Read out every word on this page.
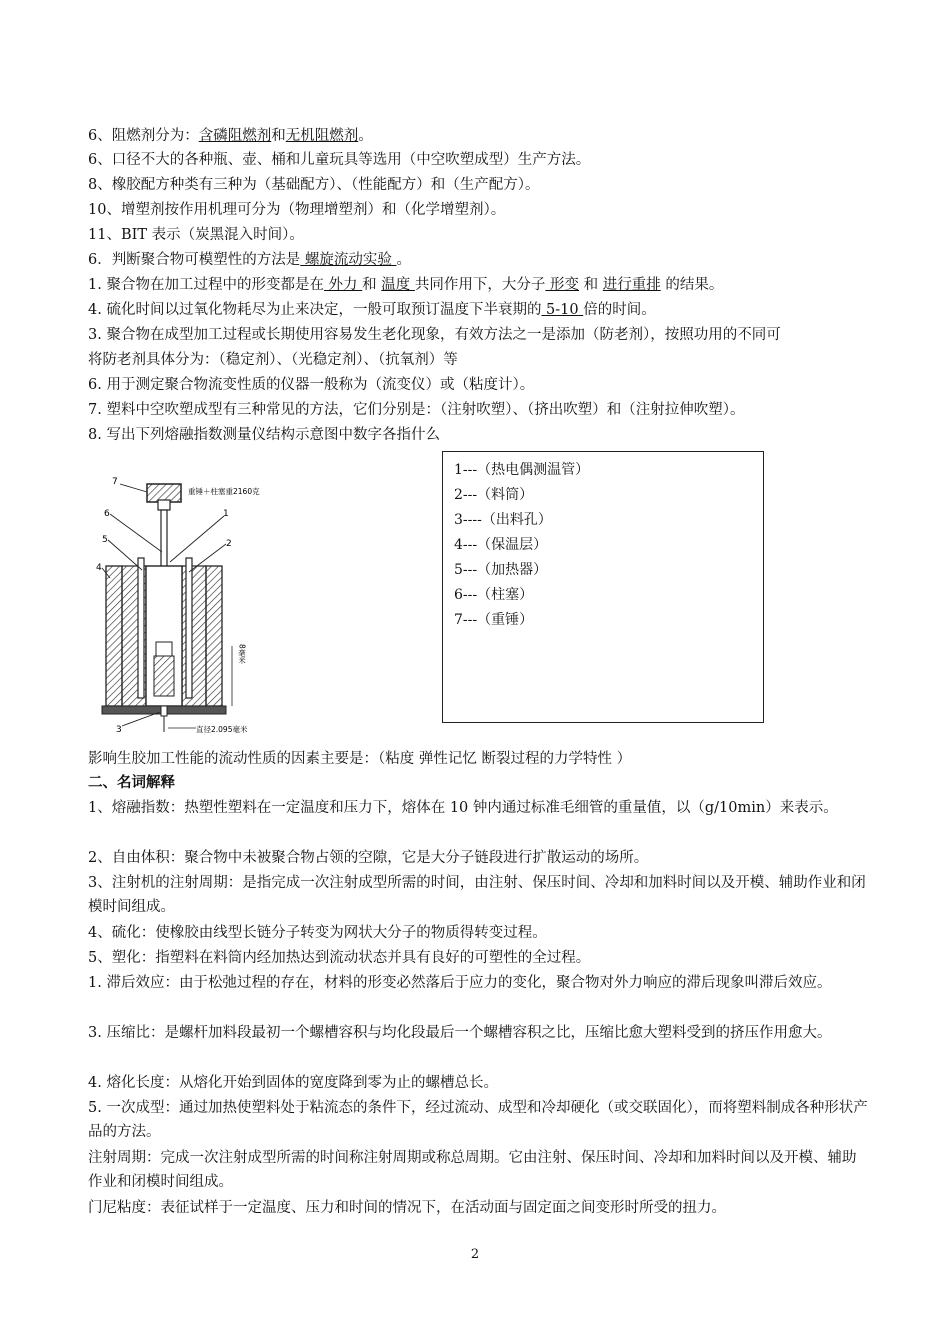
6、阻燃剂分为：含磷阻燃剂和无机阻燃剂。
6、口径不大的各种瓶、壶、桶和儿童玩具等选用（中空吹塑成型）生产方法。
8、橡胶配方种类有三种为（基础配方）、（性能配方）和（生产配方）。
10、增塑剂按作用机理可分为（物理增塑剂）和（化学增塑剂）。
11、BIT 表示（炭黑混入时间）。
6．判断聚合物可模塑性的方法是 螺旋流动实验 。
1. 聚合物在加工过程中的形变都是在 外力 和 温度 共同作用下，大分子 形变 和 进行重排 的结果。
4. 硫化时间以过氧化物耗尽为止来决定，一般可取预订温度下半衰期的 5-10 倍的时间。
3. 聚合物在成型加工过程或长期使用容易发生老化现象，有效方法之一是添加（防老剂），按照功用的不同可
将防老剂具体分为：（稳定剂）、（光稳定剂）、（抗氧剂）等
6. 用于测定聚合物流变性质的仪器一般称为（流变仪）或（粘度计）。
7. 塑料中空吹塑成型有三种常见的方法，它们分别是：（注射吹塑）、（挤出吹塑）和（注射拉伸吹塑）。
8. 写出下列熔融指数测量仪结构示意图中数字各指什么
重锤＋柱塞重2160克
直径2.095毫米
8毫米
7
6
5
4
1
2
3
1---（热电偶测温管）
2---（料筒）
3----（出料孔）
4---（保温层）
5---（加热器）
6---（柱塞）
7---（重锤）
影响生胶加工性能的流动性质的因素主要是：（粘度 弹性记忆 断裂过程的力学特性 ）
二、名词解释
1、熔融指数：热塑性塑料在一定温度和压力下，熔体在 10 钟内通过标准毛细管的重量值，以（g/10min）来表示。
2、自由体积：聚合物中未被聚合物占领的空隙，它是大分子链段进行扩散运动的场所。
3、注射机的注射周期：是指完成一次注射成型所需的时间，由注射、保压时间、冷却和加料时间以及开模、辅助作业和闭模时间组成。
4、硫化：使橡胶由线型长链分子转变为网状大分子的物质得转变过程。
5、塑化：指塑料在料筒内经加热达到流动状态并具有良好的可塑性的全过程。
1. 滞后效应：由于松弛过程的存在，材料的形变必然落后于应力的变化，聚合物对外力响应的滞后现象叫滞后效应。
3. 压缩比：是螺杆加料段最初一个螺槽容积与均化段最后一个螺槽容积之比，压缩比愈大塑料受到的挤压作用愈大。
4. 熔化长度：从熔化开始到固体的宽度降到零为止的螺槽总长。
5. 一次成型：通过加热使塑料处于粘流态的条件下，经过流动、成型和冷却硬化（或交联固化），而将塑料制成各种形状产品的方法。
注射周期：完成一次注射成型所需的时间称注射周期或称总周期。它由注射、保压时间、冷却和加料时间以及开模、辅助作业和闭模时间组成。
门尼粘度：表征试样于一定温度、压力和时间的情况下，在活动面与固定面之间变形时所受的扭力。
2
